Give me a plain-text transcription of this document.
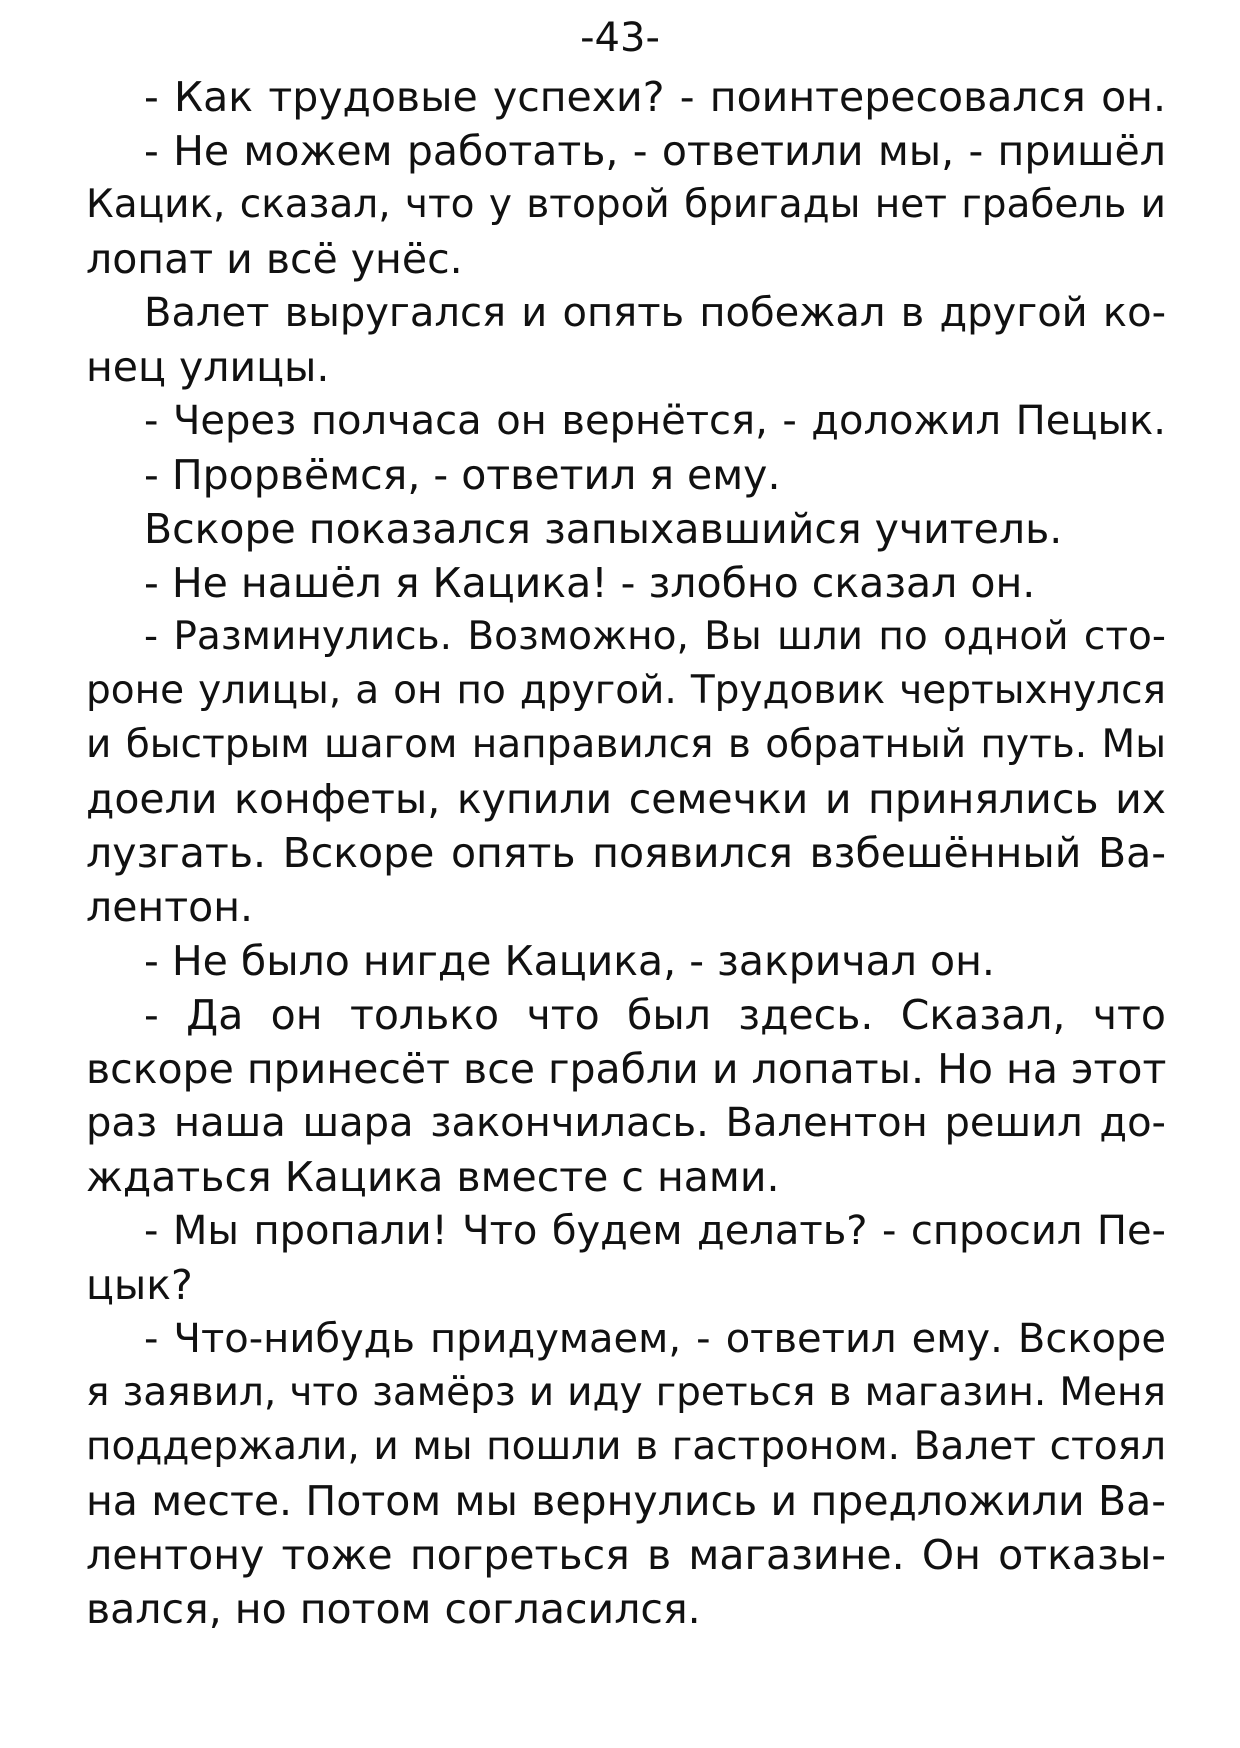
-43-
- Как трудовые успехи? - поинтересовался он.
- Не можем работать, - ответили мы, - пришёл
Кацик, сказал, что у второй бригады нет грабель и
лопат и всё унёс.
Валет выругался и опять побежал в другой ко-
нец улицы.
- Через полчаса он вернётся, - доложил Пецык.
- Прорвёмся, - ответил я ему.
Вскоре показался запыхавшийся учитель.
- Не нашёл я Кацика! - злобно сказал он.
- Разминулись. Возможно, Вы шли по одной сто-
роне улицы, а он по другой. Трудовик чертыхнулся
и быстрым шагом направился в обратный путь. Мы
доели конфеты, купили семечки и принялись их
лузгать. Вскоре опять появился взбешённый Ва-
лентон.
- Не было нигде Кацика, - закричал он.
- Да он только что был здесь. Сказал, что
вскоре принесёт все грабли и лопаты. Но на этот
раз наша шара закончилась. Валентон решил до-
ждаться Кацика вместе с нами.
- Мы пропали! Что будем делать? - спросил Пе-
цык?
- Что-нибудь придумаем, - ответил ему. Вскоре
я заявил, что замёрз и иду греться в магазин. Меня
поддержали, и мы пошли в гастроном. Валет стоял
на месте. Потом мы вернулись и предложили Ва-
лентону тоже погреться в магазине. Он отказы-
вался, но потом согласился.
